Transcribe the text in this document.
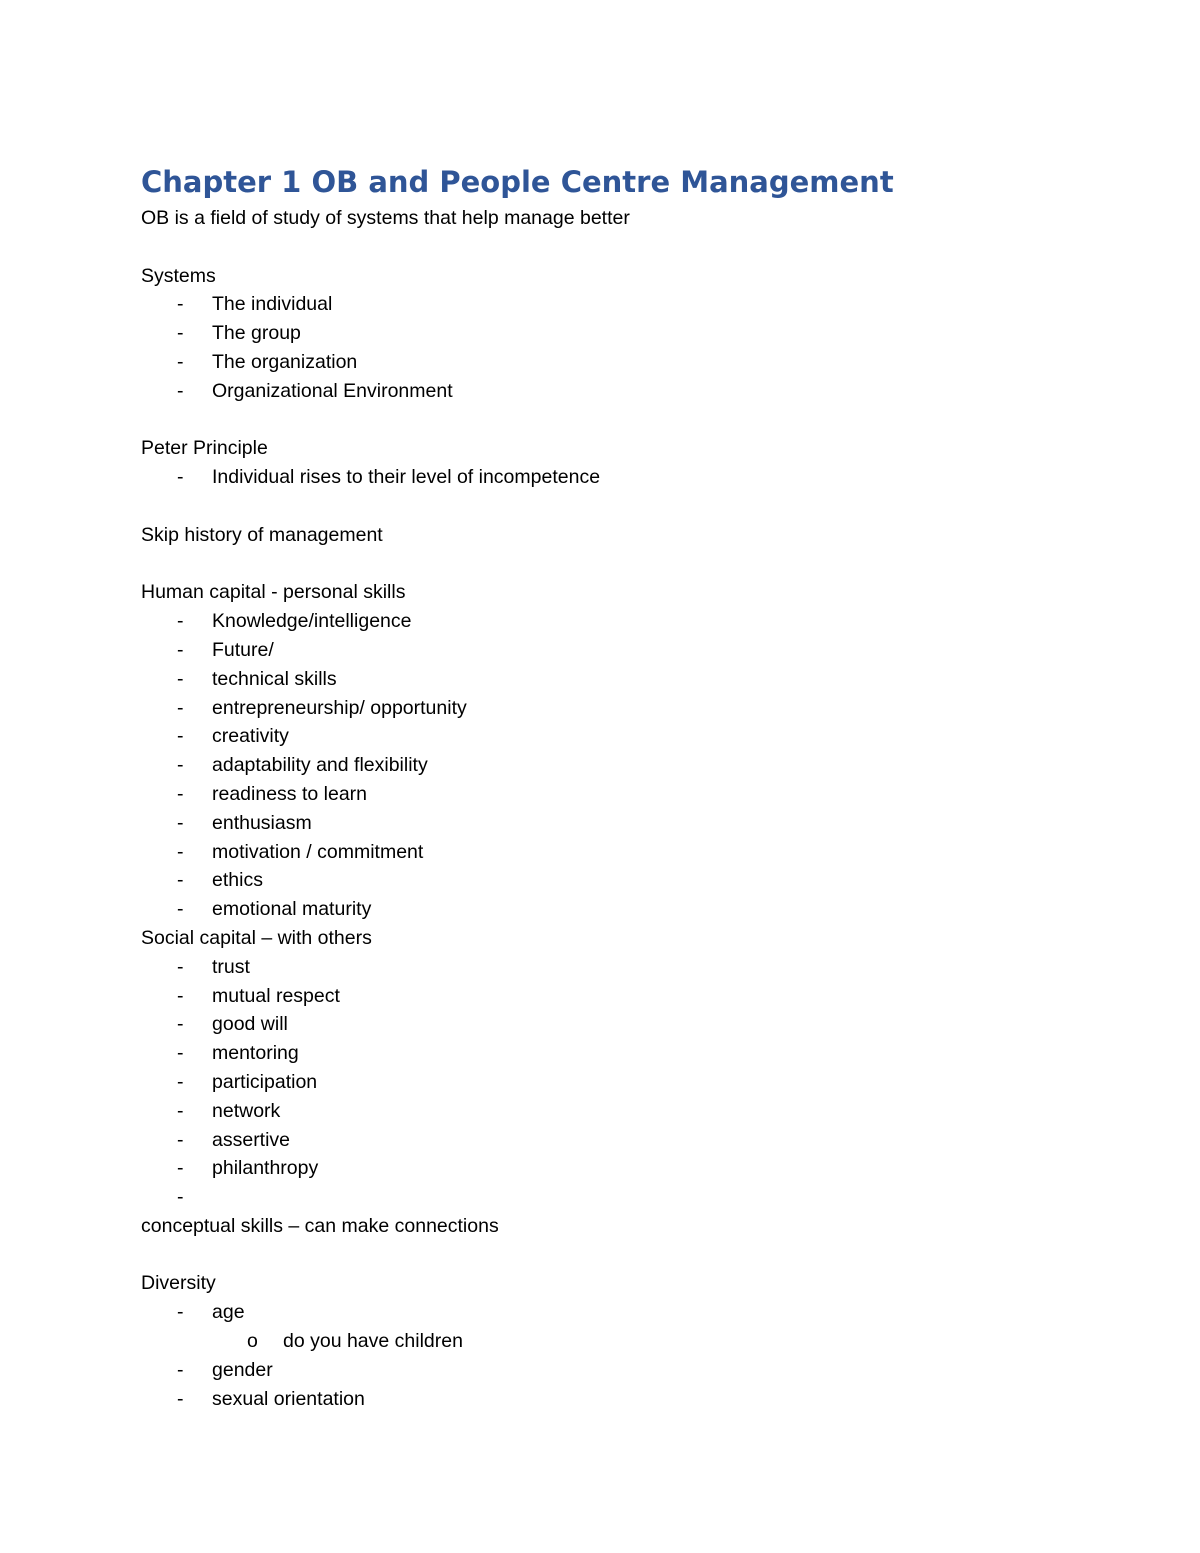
Chapter 1 OB and People Centre Management

OB is a field of study of systems that help manage better

Systems

- The individual
- The group
- The organization
- Organizational Environment

Peter Principle

- Individual rises to their level of incompetence

Skip history of management

Human capital - personal skills

- Knowledge/intelligence
- Future/
- technical skills
- entrepreneurship/ opportunity
- creativity
- adaptability and flexibility
- readiness to learn
- enthusiasm
- motivation / commitment
- ethics
- emotional maturity

Social capital – with others

- trust
- mutual respect
- good will
- mentoring
- participation
- network
- assertive
- philanthropy
-

conceptual skills – can make connections

Diversity

- age
o do you have children
- gender
- sexual orientation
